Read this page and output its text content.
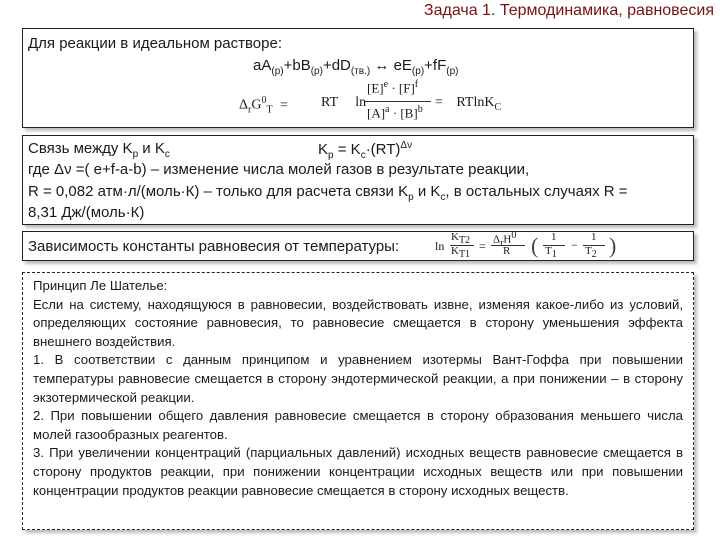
Задача 1. Термодинамика, равновесия
Для реакции в идеальном растворе:
$aA_{(р)}+bB_{(р)}+dD_{(тв.)}$ ↔ $eE_{(р)}+fF_{(р)}$
$\Delta_rG^0_T$ = RT ln
$[E]^e \cdot [F]^f$
$[A]^a \cdot [B]^b = RTlnK_C$
Связь между $K_p$ и $K_c$	$K_p = K_c\cdot(RT)^{\Delta\nu}$
где Δν =( e+f-a-b) – изменение числа молей газов в результате реакции,
R = 0,082 атм·л/(моль·К) – только для расчета связи $K_p$ и $K_c$, в остальных случаях R =
8,31 Дж/(моль·К)
Зависимость константы равновесия от температуры:	ln
$K_{T2}$
$K_{T1}$
= $\Delta_rH^0$
R ( 1
$T_1$
−
1
$T_2$ )

Принцип Ле Шателье:

Если на систему, находящуюся в равновесии, воздействовать извне, изменяя какое-либо из условий, определяющих состояние равновесия, то равновесие смещается в сторону уменьшения эффекта внешнего воздействия.

1. В соответствии с данным принципом и уравнением изотермы Вант-Гоффа при повышении температуры равновесие смещается в сторону эндотермической реакции, а при понижении – в сторону экзотермической реакции.

2. При повышении общего давления равновесие смещается в сторону образования меньшего числа молей газообразных реагентов.

3. При увеличении концентраций (парциальных давлений) исходных веществ равновесие смещается в сторону продуктов реакции, при понижении концентрации исходных веществ или при повышении концентрации продуктов реакции равновесие смещается в сторону исходных веществ.
